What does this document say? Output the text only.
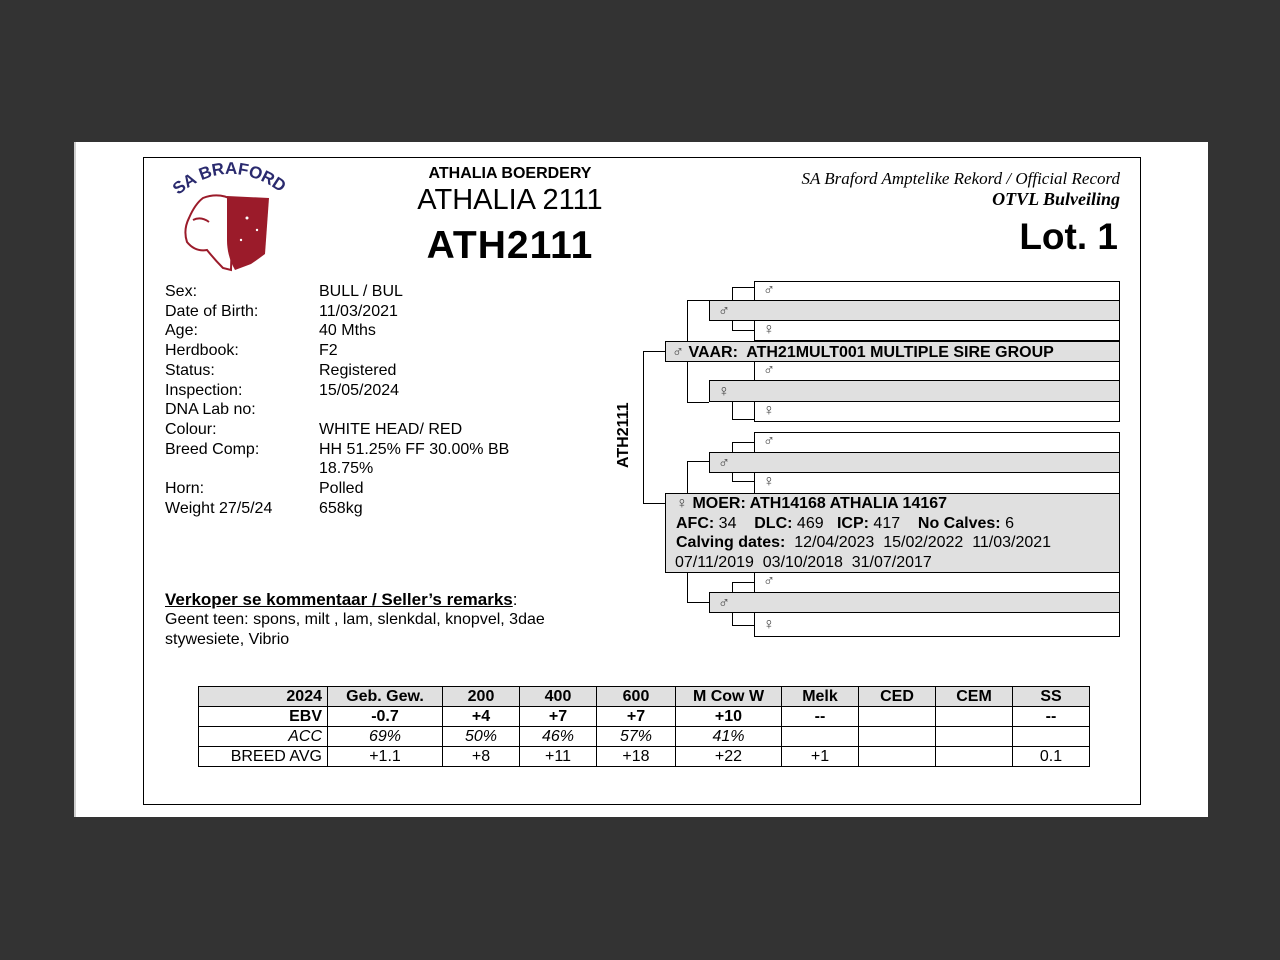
SA BRAFORD	ATHALIA BOERDERY
ATHALIA 2111
ATH2111
SA Braford Amptelike Rekord / Official Record
OTVL Bulveiling
Lot. 1
Sex:	BULL / BUL
Date of Birth:	11/03/2021
Age:	40 Mths
Herdbook:	F2
Status:	Registered
Inspection:	15/05/2024
DNA Lab no:
Colour:	WHITE HEAD/ RED
Breed Comp:	HH 51.25% FF 30.00% BB 18.75%
Horn:	Polled
Weight 27/5/24	658kg
Verkoper se kommentaar / Seller’s remarks:
Geent teen: spons, milt , lam, slenkdal, knopvel, 3dae stywesiete, Vibrio
ATH2111
♂
♂
♀
♂ VAAR: ATH21MULT001 MULTIPLE SIRE GROUP
♂
♀
♀
♂
♂
♀
♀ MOER: ATH14168 ATHALIA 14167
AFC: 34 DLC: 469 ICP: 417 No Calves: 6
Calving dates: 12/04/2023  15/02/2022  11/03/2021
07/11/2019  03/10/2018  31/07/2017
♂
♂
♀
2024	Geb. Gew.	200	400	600	M Cow W	Melk	CED	CEM	SS
EBV	-0.7	+4	+7	+7	+10	--			--
ACC	69%	50%	46%	57%	41%				
BREED AVG	+1.1	+8	+11	+18	+22	+1			0.1
